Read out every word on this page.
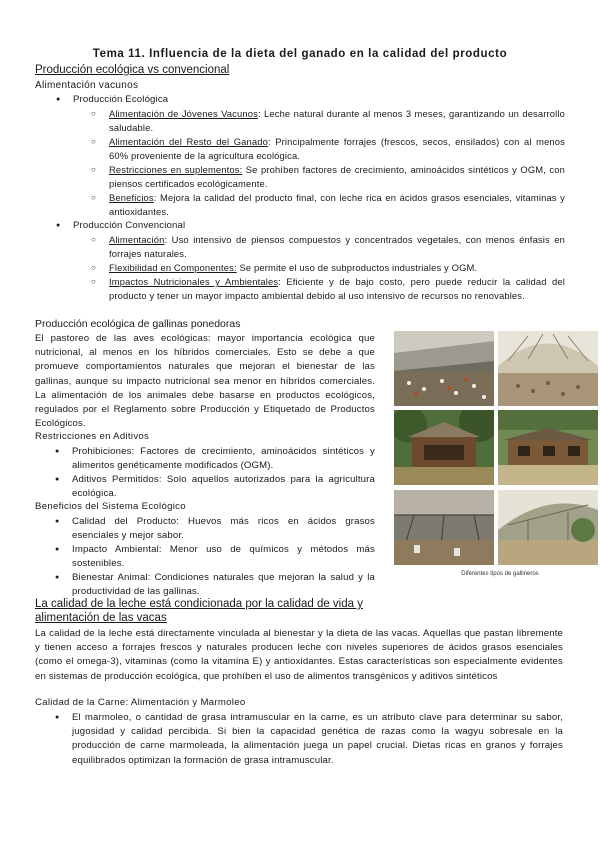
Tema 11. Influencia de la dieta del ganado en la calidad del producto
Producción ecológica vs convencional
Alimentación vacunos
● Producción Ecológica
○ Alimentación de Jóvenes Vacunos: Leche natural durante al menos 3 meses, garantizando un desarrollo saludable.
○ Alimentación del Resto del Ganado: Principalmente forrajes (frescos, secos, ensilados) con al menos 60% proveniente de la agricultura ecológica.
○ Restricciones en suplementos: Se prohíben factores de crecimiento, aminoácidos sintéticos y OGM, con piensos certificados ecológicamente.
○ Beneficios: Mejora la calidad del producto final, con leche rica en ácidos grasos esenciales, vitaminas y antioxidantes.
● Producción Convencional
○ Alimentación: Uso intensivo de piensos compuestos y concentrados vegetales, con menos énfasis en forrajes naturales.
○ Flexibilidad en Componentes: Se permite el uso de subproductos industriales y OGM.
○ Impactos Nutricionales y Ambientales: Eficiente y de bajo costo, pero puede reducir la calidad del producto y tener un mayor impacto ambiental debido al uso intensivo de recursos no renovables.
Producción ecológica de gallinas ponedoras

El pastoreo de las aves ecológicas: mayor importancia ecológica que nutricional, al menos en los híbridos comerciales. Esto se debe a que promueve comportamientos naturales que mejoran el bienestar de las gallinas, aunque su impacto nutricional sea menor en híbridos comerciales. La alimentación de los animales debe basarse en productos ecológicos, regulados por el Reglamento sobre Producción y Etiquetado de Productos Ecológicos.

Restricciones en Aditivos
● Prohibiciones: Factores de crecimiento, aminoácidos sintéticos y alimentos genéticamente modificados (OGM).
● Aditivos Permitidos: Solo aquellos autorizados para la agricultura ecológica.
Beneficios del Sistema Ecológico
● Calidad del Producto: Huevos más ricos en ácidos grasos esenciales y mejor sabor.
● Impacto Ambiental: Menor uso de químicos y métodos más sostenibles.
● Bienestar Animal: Condiciones naturales que mejoran la salud y la productividad de las gallinas.
Diferentes tipos de gallineros
La calidad de la leche está condicionada por la calidad de vida y
alimentación de las vacas

La calidad de la leche está directamente vinculada al bienestar y la dieta de las vacas. Aquellas que pastan libremente y tienen acceso a forrajes frescos y naturales producen leche con niveles superiores de ácidos grasos esenciales (como el omega-3), vitaminas (como la vitamina E) y antioxidantes. Estas características son especialmente evidentes en sistemas de producción ecológica, que prohíben el uso de alimentos transgénicos y aditivos sintéticos

Calidad de la Carne: Alimentación y Marmoleo
● El marmoleo, o cantidad de grasa intramuscular en la carne, es un atributo clave para determinar su sabor, jugosidad y calidad percibida. Si bien la capacidad genética de razas como la wagyu sobresale en la producción de carne marmoleada, la alimentación juega un papel crucial. Dietas ricas en granos y forrajes equilibrados optimizan la formación de grasa intramuscular.
